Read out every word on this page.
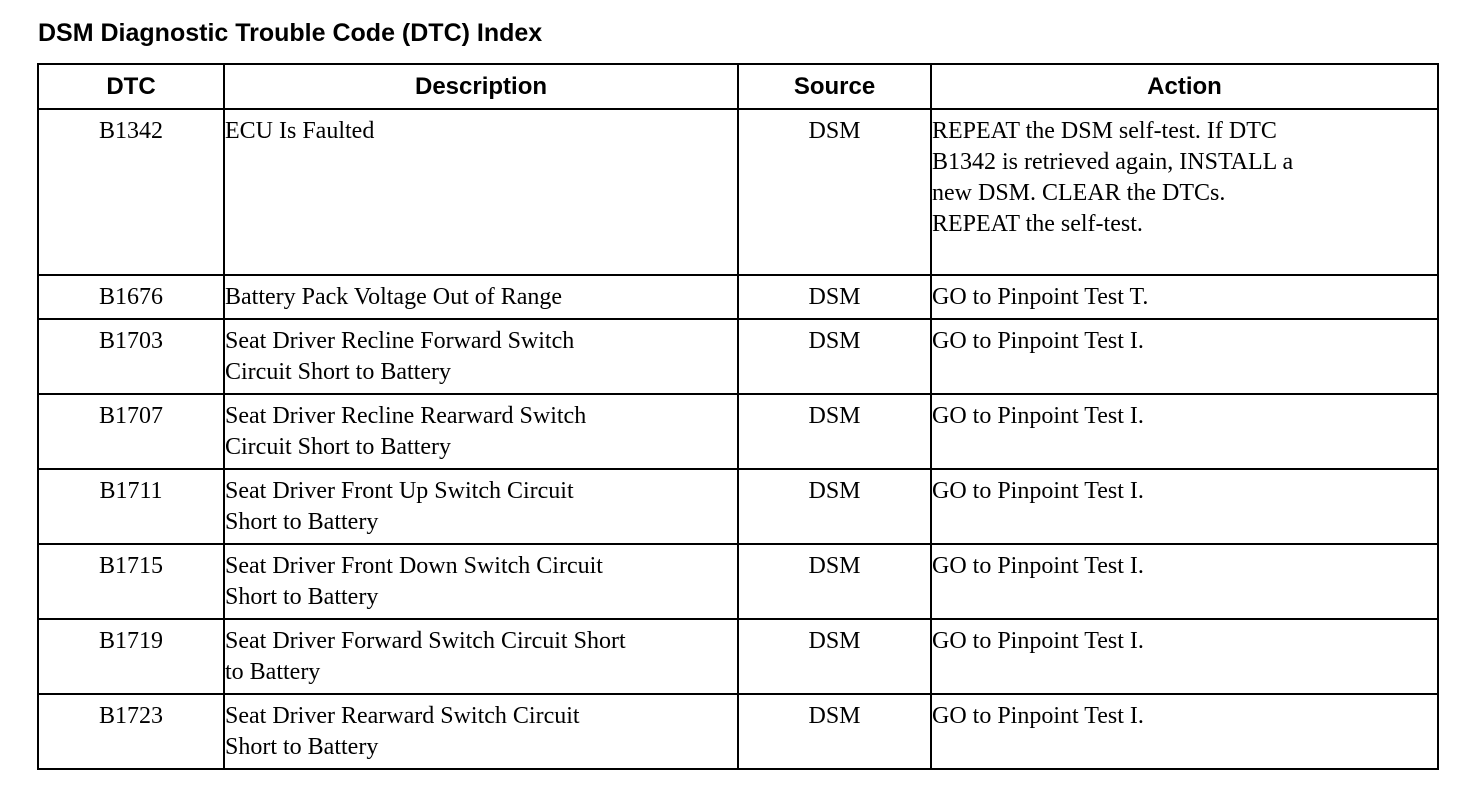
DSM Diagnostic Trouble Code (DTC) Index
DTC	Description	Source	Action
B1342	ECU Is Faulted	DSM	REPEAT the DSM self-test. If DTC
B1342 is retrieved again, INSTALL a
new DSM. CLEAR the DTCs.
REPEAT the self-test.

B1676	Battery Pack Voltage Out of Range	DSM	GO to Pinpoint Test T.

B1703	Seat Driver Recline Forward Switch
Circuit Short to Battery	DSM	GO to Pinpoint Test I.

B1707	Seat Driver Recline Rearward Switch
Circuit Short to Battery	DSM	GO to Pinpoint Test I.

B1711	Seat Driver Front Up Switch Circuit
Short to Battery	DSM	GO to Pinpoint Test I.

B1715	Seat Driver Front Down Switch Circuit
Short to Battery	DSM	GO to Pinpoint Test I.

B1719	Seat Driver Forward Switch Circuit Short
to Battery	DSM	GO to Pinpoint Test I.

B1723	Seat Driver Rearward Switch Circuit
Short to Battery	DSM	GO to Pinpoint Test I.
